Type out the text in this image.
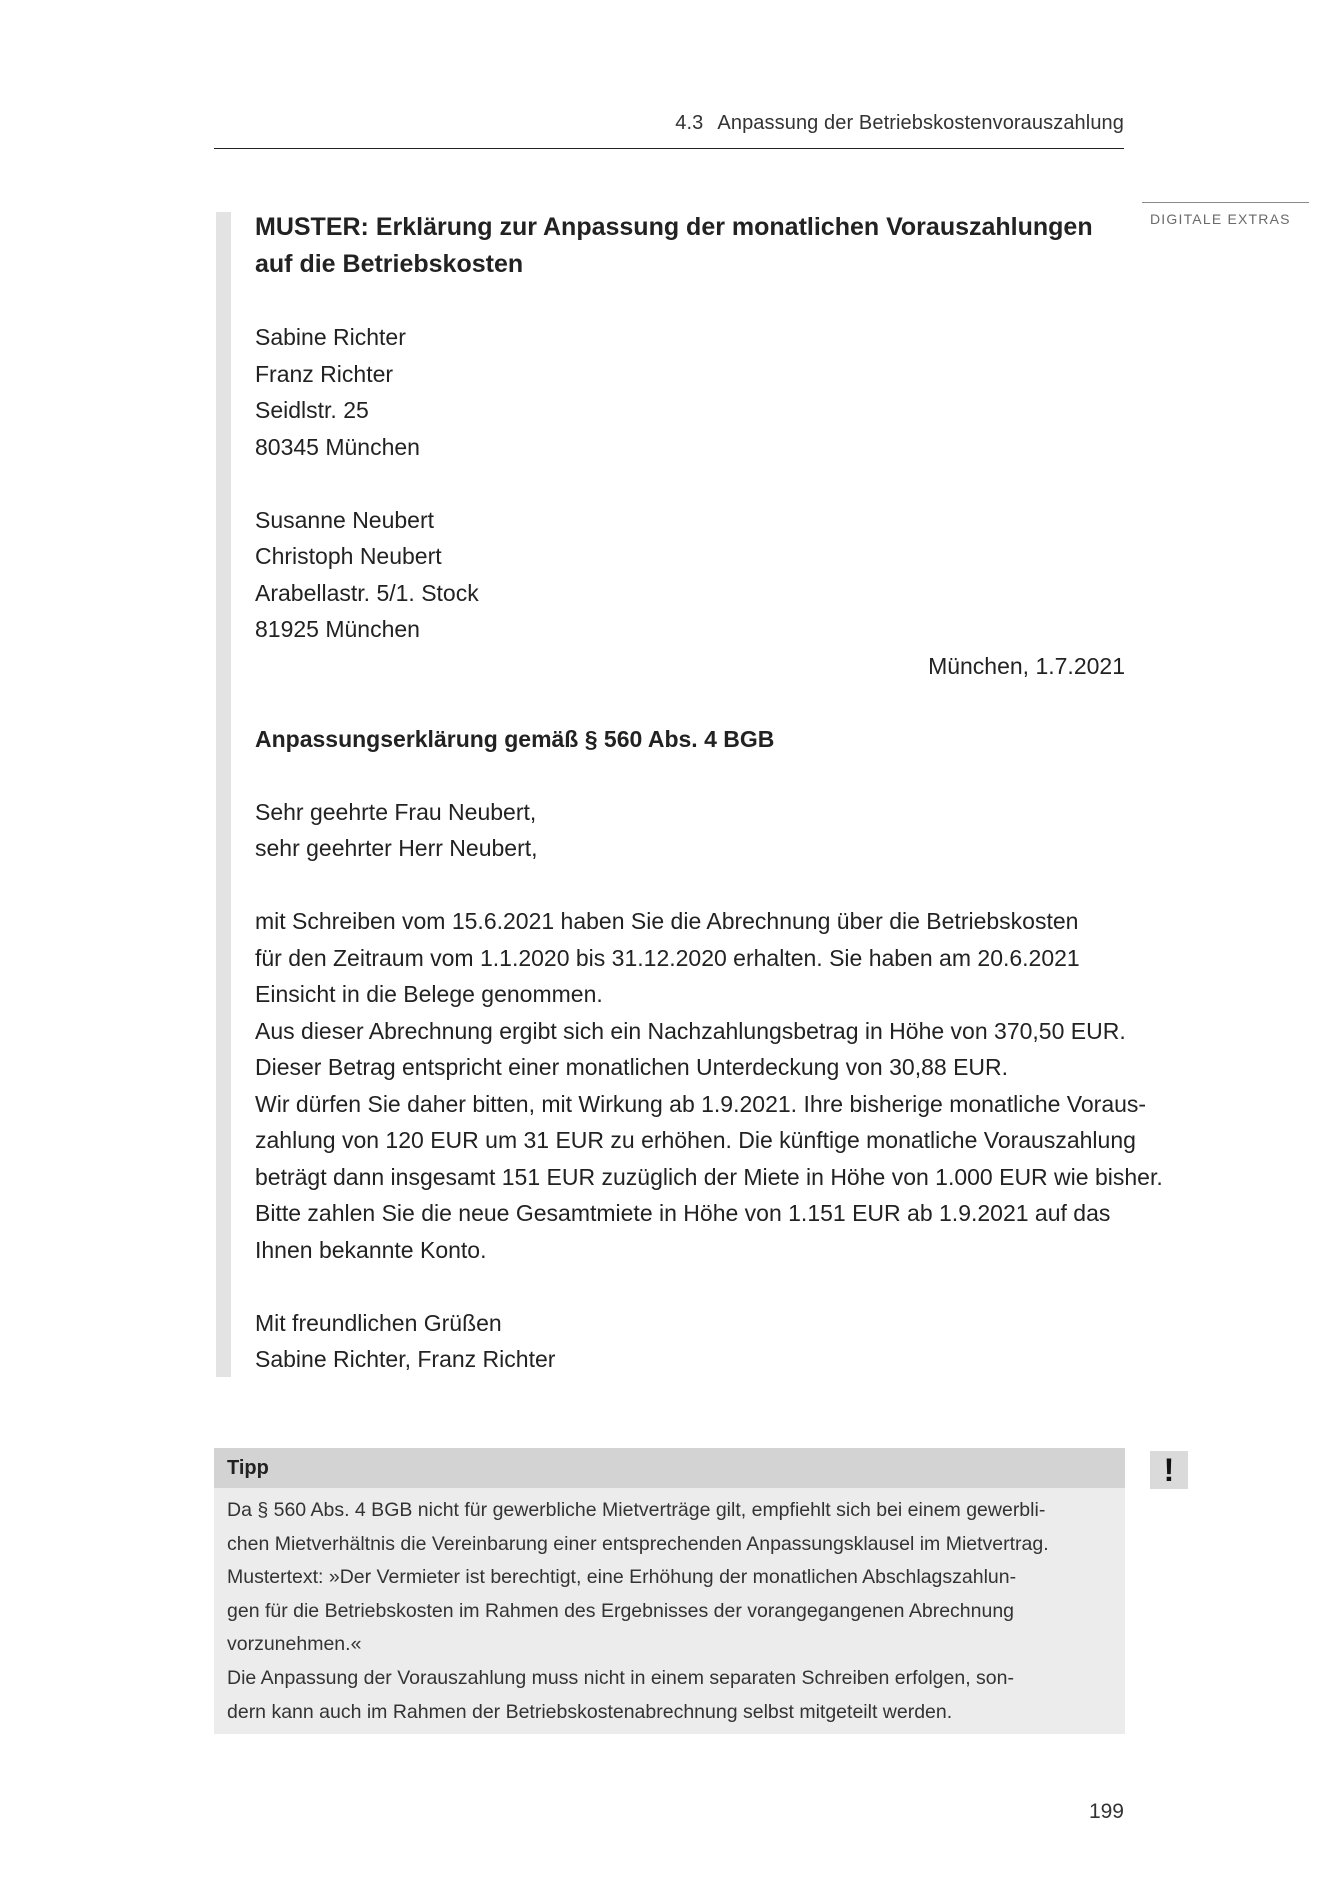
4.3 Anpassung der Betriebskostenvorauszahlung
DIGITALE EXTRAS

MUSTER: Erklärung zur Anpassung der monatlichen Vorauszahlungen
auf die Betriebskosten

Sabine Richter
Franz Richter
Seidlstr. 25
80345 München

Susanne Neubert
Christoph Neubert
Arabellastr. 5/1. Stock
81925 München

München, 1.7.2021

Anpassungserklärung gemäß § 560 Abs. 4 BGB

Sehr geehrte Frau Neubert,
sehr geehrter Herr Neubert,

mit Schreiben vom 15.6.2021 haben Sie die Abrechnung über die Betriebskosten
für den Zeitraum vom 1.1.2020 bis 31.12.2020 erhalten. Sie haben am 20.6.2021
Einsicht in die Belege genommen.
Aus dieser Abrechnung ergibt sich ein Nachzahlungsbetrag in Höhe von 370,50 EUR.
Dieser Betrag entspricht einer monatlichen Unterdeckung von 30,88 EUR.
Wir dürfen Sie daher bitten, mit Wirkung ab 1.9.2021. Ihre bisherige monatliche Voraus-
zahlung von 120 EUR um 31 EUR zu erhöhen. Die künftige monatliche Vorauszahlung
beträgt dann insgesamt 151 EUR zuzüglich der Miete in Höhe von 1.000 EUR wie bisher.
Bitte zahlen Sie die neue Gesamtmiete in Höhe von 1.151 EUR ab 1.9.2021 auf das
Ihnen bekannte Konto.

Mit freundlichen Grüßen
Sabine Richter, Franz Richter

Tipp
Da § 560 Abs. 4 BGB nicht für gewerbliche Mietverträge gilt, empfiehlt sich bei einem gewerbli-
chen Mietverhältnis die Vereinbarung einer entsprechenden Anpassungsklausel im Mietvertrag.
Mustertext: »Der Vermieter ist berechtigt, eine Erhöhung der monatlichen Abschlagszahlun-
gen für die Betriebskosten im Rahmen des Ergebnisses der vorangegangenen Abrechnung
vorzunehmen.«
Die Anpassung der Vorauszahlung muss nicht in einem separaten Schreiben erfolgen, son-
dern kann auch im Rahmen der Betriebskostenabrechnung selbst mitgeteilt werden.
!
199
